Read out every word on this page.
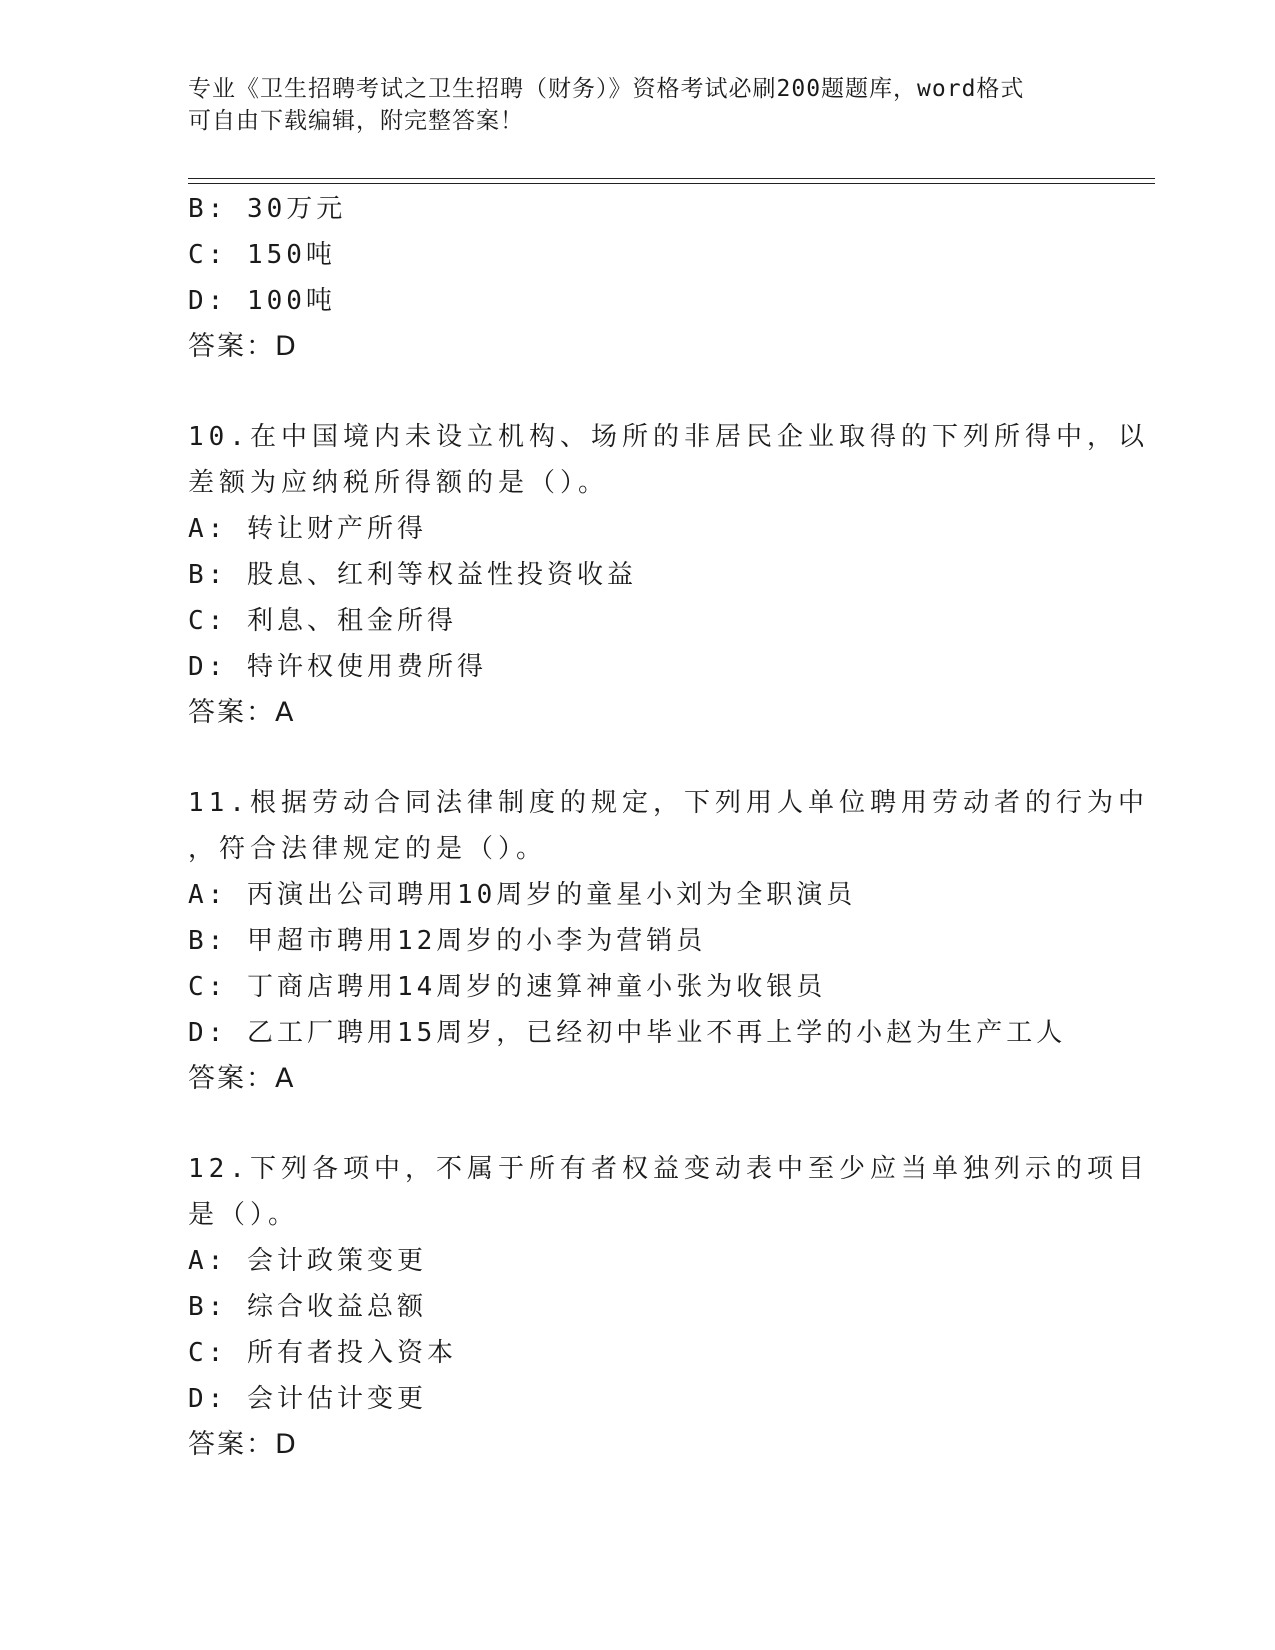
专业《卫生招聘考试之卫生招聘（财务）》资格考试必刷200题题库，word格式
可自由下载编辑，附完整答案！
B: 30万元
C: 150吨
D: 100吨
答案：D
10.在中国境内未设立机构、场所的非居民企业取得的下列所得中，以
差额为应纳税所得额的是（）。
A: 转让财产所得
B: 股息、红利等权益性投资收益
C: 利息、租金所得
D: 特许权使用费所得
答案：A
11.根据劳动合同法律制度的规定，下列用人单位聘用劳动者的行为中
，符合法律规定的是（）。
A: 丙演出公司聘用10周岁的童星小刘为全职演员
B: 甲超市聘用12周岁的小李为营销员
C: 丁商店聘用14周岁的速算神童小张为收银员
D: 乙工厂聘用15周岁，已经初中毕业不再上学的小赵为生产工人
答案：A
12.下列各项中，不属于所有者权益变动表中至少应当单独列示的项目
是（）。
A: 会计政策变更
B: 综合收益总额
C: 所有者投入资本
D: 会计估计变更
答案：D
